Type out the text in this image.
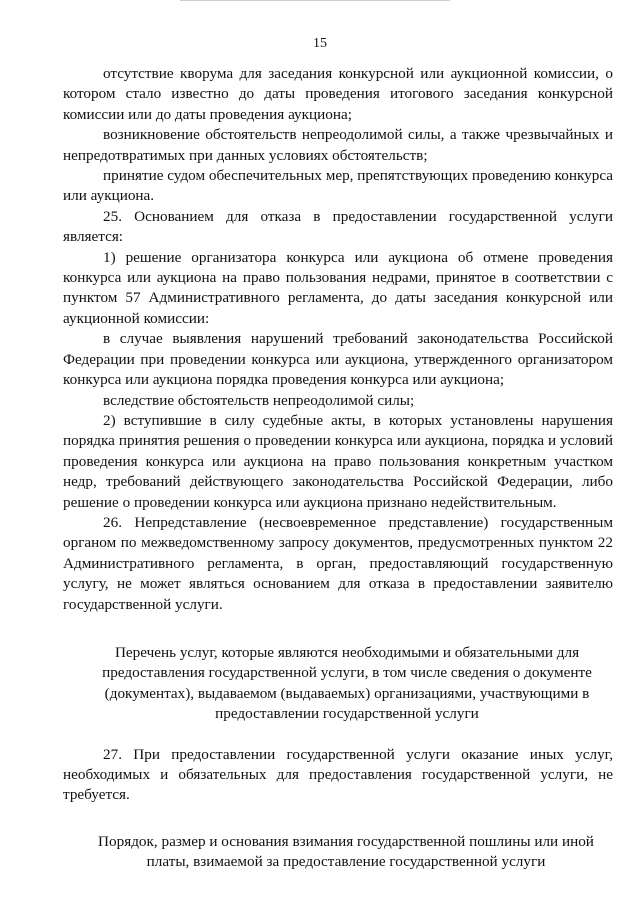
15

отсутствие кворума для заседания конкурсной или аукционной комиссии, о котором стало известно до даты проведения итогового заседания конкурсной комиссии или до даты проведения аукциона;

возникновение обстоятельств непреодолимой силы, а также чрезвычайных и непредотвратимых при данных условиях обстоятельств;

принятие судом обеспечительных мер, препятствующих проведению конкурса или аукциона.

25. Основанием для отказа в предоставлении государственной услуги является:

1) решение организатора конкурса или аукциона об отмене проведения конкурса или аукциона на право пользования недрами, принятое в соответствии с пунктом 57 Административного регламента, до даты заседания конкурсной или аукционной комиссии:

в случае выявления нарушений требований законодательства Российской Федерации при проведении конкурса или аукциона, утвержденного организатором конкурса или аукциона порядка проведения конкурса или аукциона;

вследствие обстоятельств непреодолимой силы;

2) вступившие в силу судебные акты, в которых установлены нарушения порядка принятия решения о проведении конкурса или аукциона, порядка и условий проведения конкурса или аукциона на право пользования конкретным участком недр, требований действующего законодательства Российской Федерации, либо решение о проведении конкурса или аукциона признано недействительным.

26. Непредставление (несвоевременное представление) государственным органом по межведомственному запросу документов, предусмотренных пунктом 22 Административного регламента, в орган, предоставляющий государственную услугу, не может являться основанием для отказа в предоставлении заявителю государственной услуги.

Перечень услуг, которые являются необходимыми и обязательными для
предоставления государственной услуги, в том числе сведения о документе
(документах), выдаваемом (выдаваемых) организациями, участвующими в
предоставлении государственной услуги

27. При предоставлении государственной услуги оказание иных услуг, необходимых и обязательных для предоставления государственной услуги, не требуется.

Порядок, размер и основания взимания государственной пошлины или иной
платы, взимаемой за предоставление государственной услуги
